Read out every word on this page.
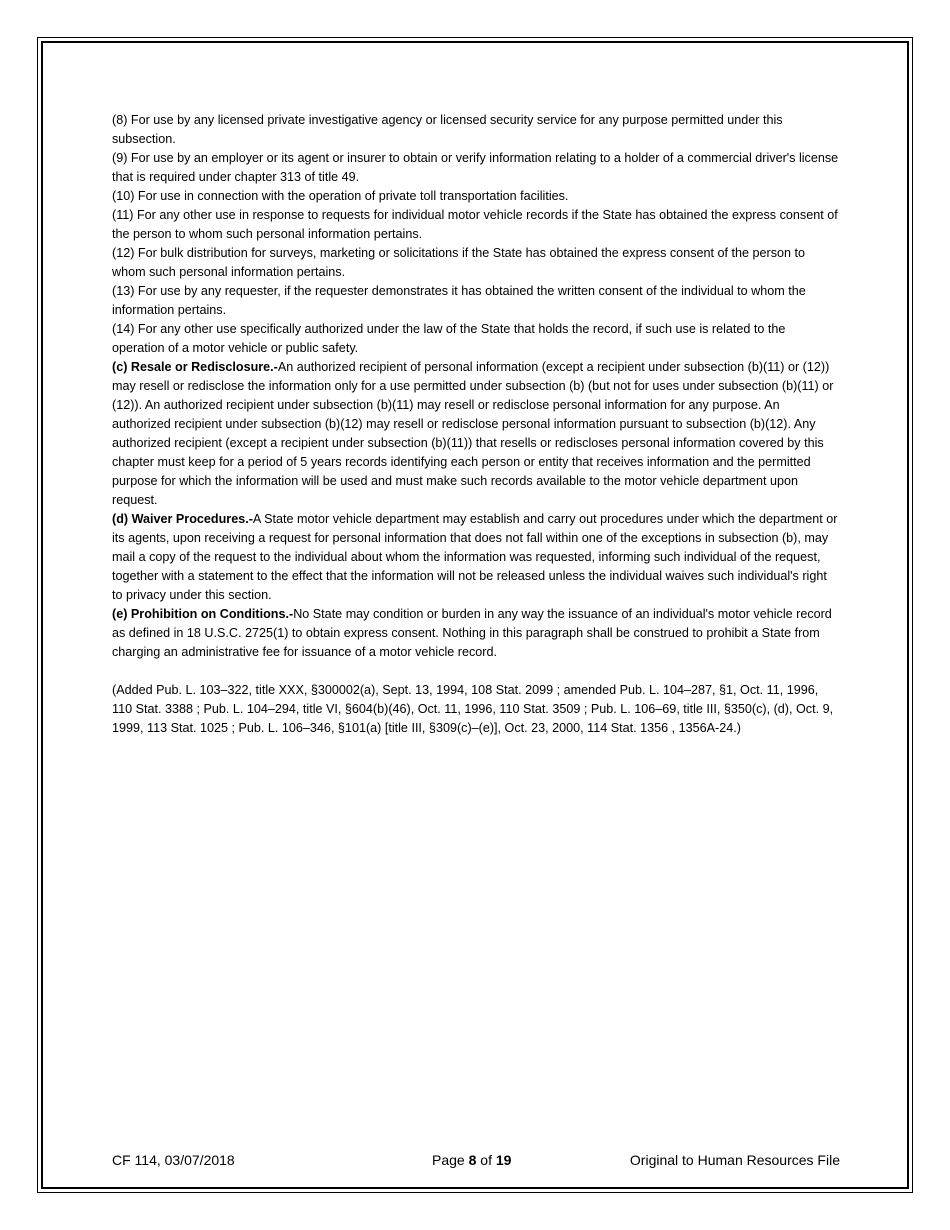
(8) For use by any licensed private investigative agency or licensed security service for any purpose permitted under this subsection.

(9) For use by an employer or its agent or insurer to obtain or verify information relating to a holder of a commercial driver's license that is required under chapter 313 of title 49.

(10) For use in connection with the operation of private toll transportation facilities.

(11) For any other use in response to requests for individual motor vehicle records if the State has obtained the express consent of the person to whom such personal information pertains.

(12) For bulk distribution for surveys, marketing or solicitations if the State has obtained the express consent of the person to whom such personal information pertains.

(13) For use by any requester, if the requester demonstrates it has obtained the written consent of the individual to whom the information pertains.

(14) For any other use specifically authorized under the law of the State that holds the record, if such use is related to the operation of a motor vehicle or public safety.

(c) Resale or Redisclosure.-An authorized recipient of personal information (except a recipient under subsection (b)(11) or (12)) may resell or redisclose the information only for a use permitted under subsection (b) (but not for uses under subsection (b)(11) or (12)). An authorized recipient under subsection (b)(11) may resell or redisclose personal information for any purpose. An authorized recipient under subsection (b)(12) may resell or redisclose personal information pursuant to subsection (b)(12). Any authorized recipient (except a recipient under subsection (b)(11)) that resells or rediscloses personal information covered by this chapter must keep for a period of 5 years records identifying each person or entity that receives information and the permitted purpose for which the information will be used and must make such records available to the motor vehicle department upon request.

(d) Waiver Procedures.-A State motor vehicle department may establish and carry out procedures under which the department or its agents, upon receiving a request for personal information that does not fall within one of the exceptions in subsection (b), may mail a copy of the request to the individual about whom the information was requested, informing such individual of the request, together with a statement to the effect that the information will not be released unless the individual waives such individual's right to privacy under this section.

(e) Prohibition on Conditions.-No State may condition or burden in any way the issuance of an individual's motor vehicle record as defined in 18 U.S.C. 2725(1) to obtain express consent. Nothing in this paragraph shall be construed to prohibit a State from charging an administrative fee for issuance of a motor vehicle record.

(Added Pub. L. 103–322, title XXX, §300002(a), Sept. 13, 1994, 108 Stat. 2099 ; amended Pub. L. 104–287, §1, Oct. 11, 1996, 110 Stat. 3388 ; Pub. L. 104–294, title VI, §604(b)(46), Oct. 11, 1996, 110 Stat. 3509 ; Pub. L. 106–69, title III, §350(c), (d), Oct. 9, 1999, 113 Stat. 1025 ; Pub. L. 106–346, §101(a) [title III, §309(c)–(e)], Oct. 23, 2000, 114 Stat. 1356 , 1356A-24.)

CF 114, 03/07/2018	Page 8 of 19	Original to Human Resources File
